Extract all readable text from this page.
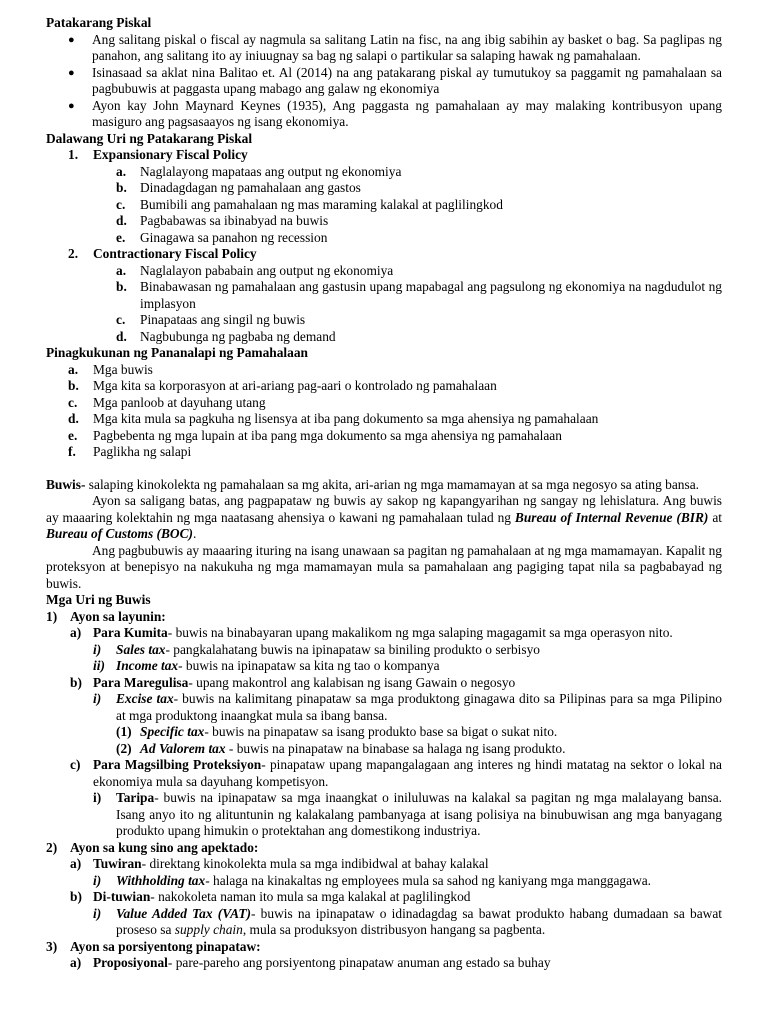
Patakarang Piskal
●	Ang salitang piskal o fiscal ay nagmula sa salitang Latin na fisc, na ang ibig sabihin ay basket o bag. Sa paglipas ng panahon, ang salitang ito ay iniuugnay sa bag ng salapi o partikular sa salaping hawak ng pamahalaan.
●	Isinasaad sa aklat nina Balitao et. Al (2014) na ang patakarang piskal ay tumutukoy sa paggamit ng pamahalaan sa pagbubuwis at paggasta upang mabago ang galaw ng ekonomiya
●	Ayon kay John Maynard Keynes (1935), Ang paggasta ng pamahalaan ay may malaking kontribusyon upang masiguro ang pagsasaayos ng isang ekonomiya.
Dalawang Uri ng Patakarang Piskal
1.	Expansionary Fiscal Policy
a.	Naglalayong mapataas ang output ng ekonomiya
b. Dinadagdagan ng pamahalaan ang gastos
c.	Bumibili ang pamahalaan ng mas maraming kalakal at paglilingkod
d. Pagbabawas sa ibinabyad na buwis
e.	Ginagawa sa panahon ng recession
2.	Contractionary Fiscal Policy
a.	Naglalayon pababain ang output ng ekonomiya
b. Binabawasan ng pamahalaan ang gastusin upang mapabagal ang pagsulong ng ekonomiya na nagdudulot ng implasyon
c.	Pinapataas ang singil ng buwis
d. Nagbubunga ng pagbaba ng demand
Pinagkukunan ng Pananalapi ng Pamahalaan
a.	Mga buwis
b.	Mga kita sa korporasyon at ari-ariang pag-aari o kontrolado ng pamahalaan
c.	Mga panloob at dayuhang utang
d.	Mga kita mula sa pagkuha ng lisensya at iba pang dokumento sa mga ahensiya ng pamahalaan
e.	Pagbebenta ng mga lupain at iba pang mga dokumento sa mga ahensiya ng pamahalaan
f.	Paglikha ng salapi
Buwis- salaping kinokolekta ng pamahalaan sa mg akita, ari-arian ng mga mamamayan at sa mga negosyo sa ating bansa.
Ayon sa saligang batas, ang pagpapataw ng buwis ay sakop ng kapangyarihan ng sangay ng lehislatura. Ang buwis ay maaaring kolektahin ng mga naatasang ahensiya o kawani ng pamahalaan tulad ng Bureau of Internal Revenue (BIR) at Bureau of Customs (BOC).
Ang pagbubuwis ay maaaring ituring na isang unawaan sa pagitan ng pamahalaan at ng mga mamamayan. Kapalit ng proteksyon at benepisyo na nakukuha ng mga mamamayan mula sa pamahalaan ang pagiging tapat nila sa pagbabayad ng buwis.
Mga Uri ng Buwis
1) Ayon sa layunin:
a) Para Kumita- buwis na binabayaran upang makalikom ng mga salaping magagamit sa mga operasyon nito.
i)	Sales tax- pangkalahatang buwis na ipinapataw sa biniling produkto o serbisyo
ii) Income tax- buwis na ipinapataw sa kita ng tao o kompanya
b) Para Maregulisa- upang makontrol ang kalabisan ng isang Gawain o negosyo
i)	Excise tax- buwis na kalimitang pinapataw sa mga produktong ginagawa dito sa Pilipinas para sa mga Pilipino at mga produktong inaangkat mula sa ibang bansa.
(1) Specific tax- buwis na pinapataw sa isang produkto base sa bigat o sukat nito.
(2) Ad Valorem tax - buwis na pinapataw na binabase sa halaga ng isang produkto.
c) Para Magsilbing Proteksiyon- pinapataw upang mapangalagaan ang interes ng hindi matatag na sektor o lokal na ekonomiya mula sa dayuhang kompetisyon.
i)	Taripa- buwis na ipinapataw sa mga inaangkat o iniluluwas na kalakal sa pagitan ng mga malalayang bansa. Isang anyo ito ng alituntunin ng kalakalang pambanyaga at isang polisiya na binubuwisan ang mga banyagang produkto upang himukin o protektahan ang domestikong industriya.
2) Ayon sa kung sino ang apektado:
a) Tuwiran- direktang kinokolekta mula sa mga indibidwal at bahay kalakal
i)	Withholding tax- halaga na kinakaltas ng employees mula sa sahod ng kaniyang mga manggagawa.
b) Di-tuwian- nakokoleta naman ito mula sa mga kalakal at paglilingkod
i)	Value Added Tax (VAT)- buwis na ipinapataw o idinadagdag sa bawat produkto habang dumadaan sa bawat proseso sa supply chain, mula sa produksyon distribusyon hangang sa pagbenta.
3) Ayon sa porsiyentong pinapataw:
a) Proposiyonal- pare-pareho ang porsiyentong pinapataw anuman ang estado sa buhay
